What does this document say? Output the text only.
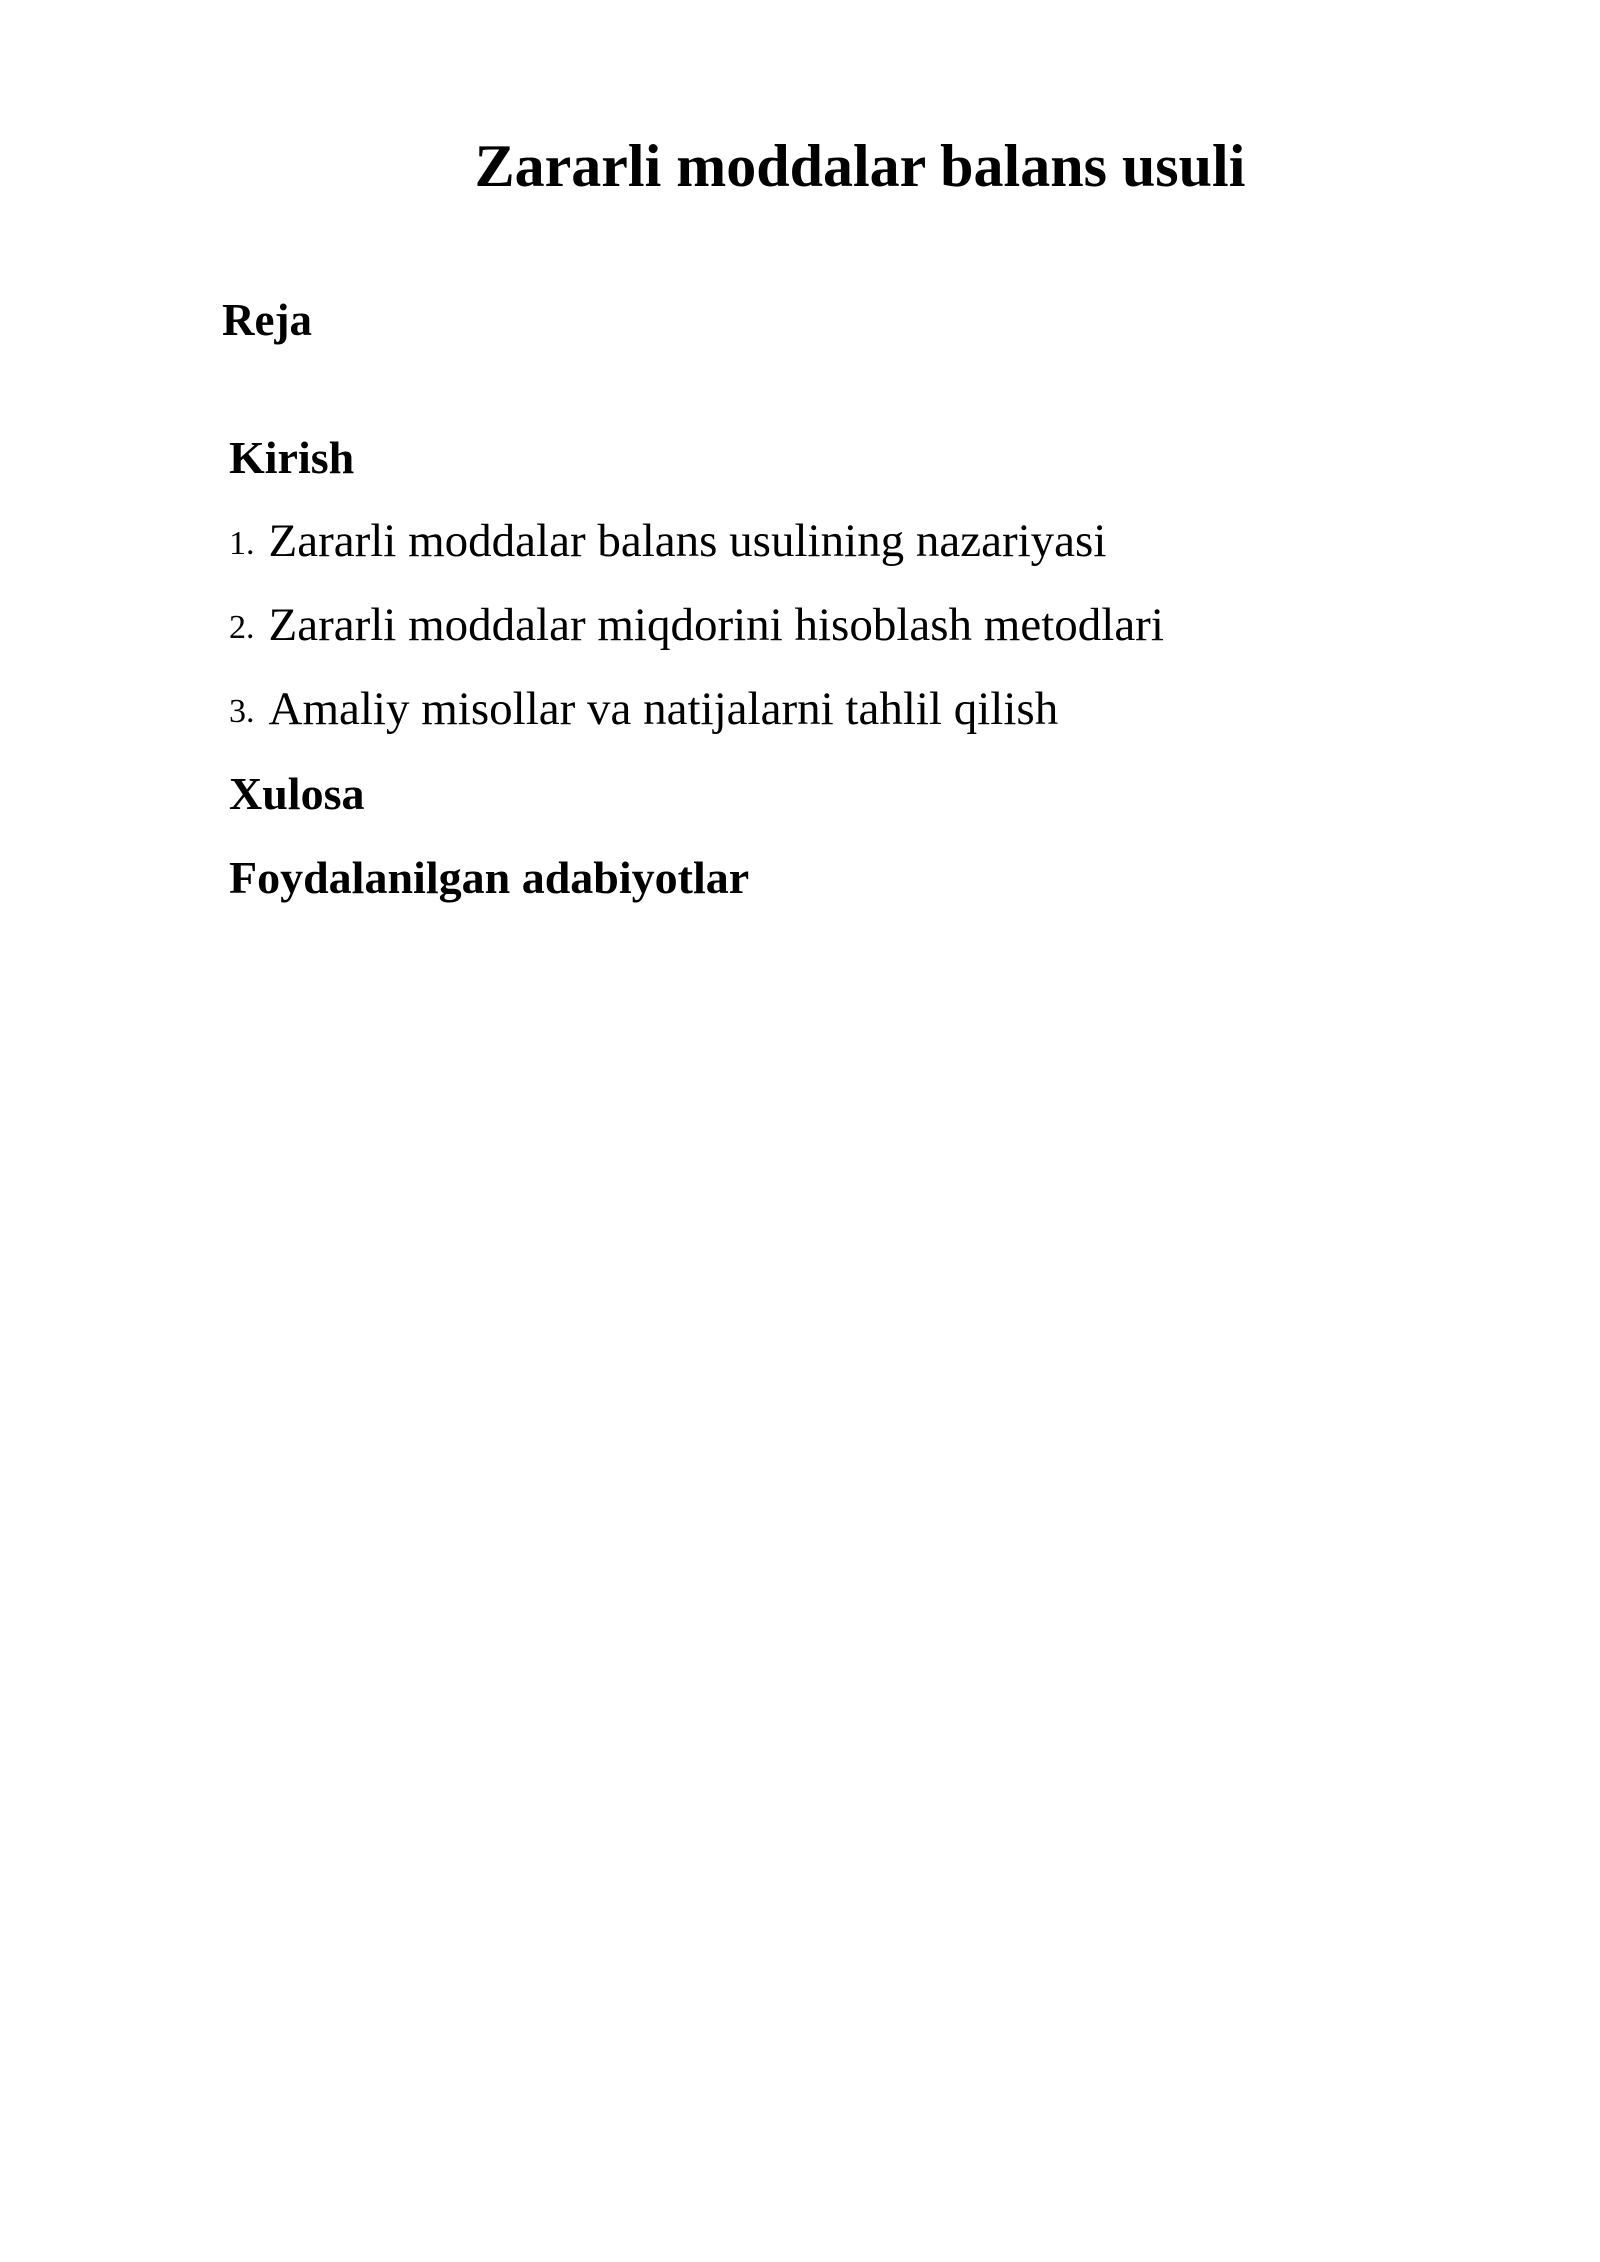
Zararli moddalar balans usuli
Reja
Kirish
1. Zararli moddalar balans usulining nazariyasi
2. Zararli moddalar miqdorini hisoblash metodlari
3. Amaliy misollar va natijalarni tahlil qilish
Xulosa
Foydalanilgan adabiyotlar
